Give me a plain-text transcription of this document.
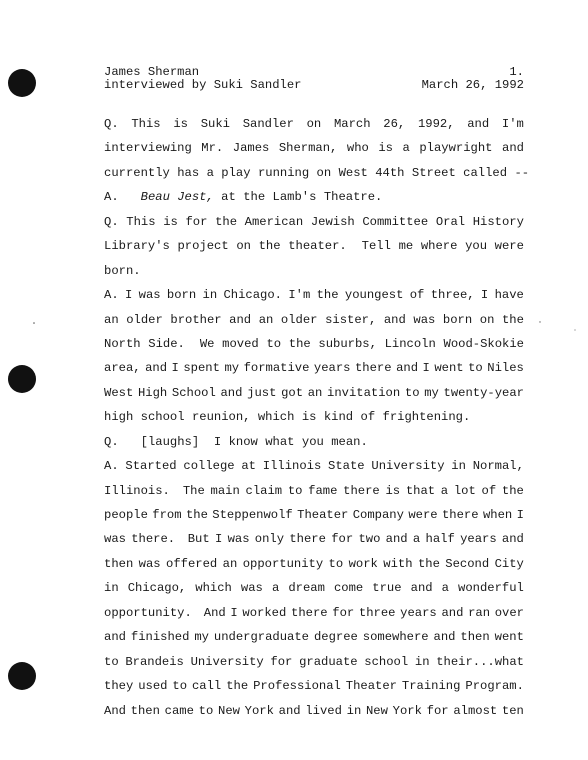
James Sherman	1.
interviewed by Suki Sandler	March 26, 1992
Q. This is Suki Sandler on March 26, 1992, and I'm
interviewing Mr. James Sherman, who is a playwright and
currently has a play running on West 44th Street called --
A. Beau Jest, at the Lamb's Theatre.
Q. This is for the American Jewish Committee Oral History
Library's project on the theater. Tell me where you were
born.
A. I was born in Chicago. I'm the youngest of three, I have
an older brother and an older sister, and was born on the
North Side. We moved to the suburbs, Lincoln Wood-Skokie
area, and I spent my formative years there and I went to Niles
West High School and just got an invitation to my twenty-year
high school reunion, which is kind of frightening.
Q. [laughs] I know what you mean.
A. Started college at Illinois State University in Normal,
Illinois. The main claim to fame there is that a lot of the
people from the Steppenwolf Theater Company were there when I
was there. But I was only there for two and a half years and
then was offered an opportunity to work with the Second City
in Chicago, which was a dream come true and a wonderful
opportunity. And I worked there for three years and ran over
and finished my undergraduate degree somewhere and then went
to Brandeis University for graduate school in their...what
they used to call the Professional Theater Training Program.
And then came to New York and lived in New York for almost ten
